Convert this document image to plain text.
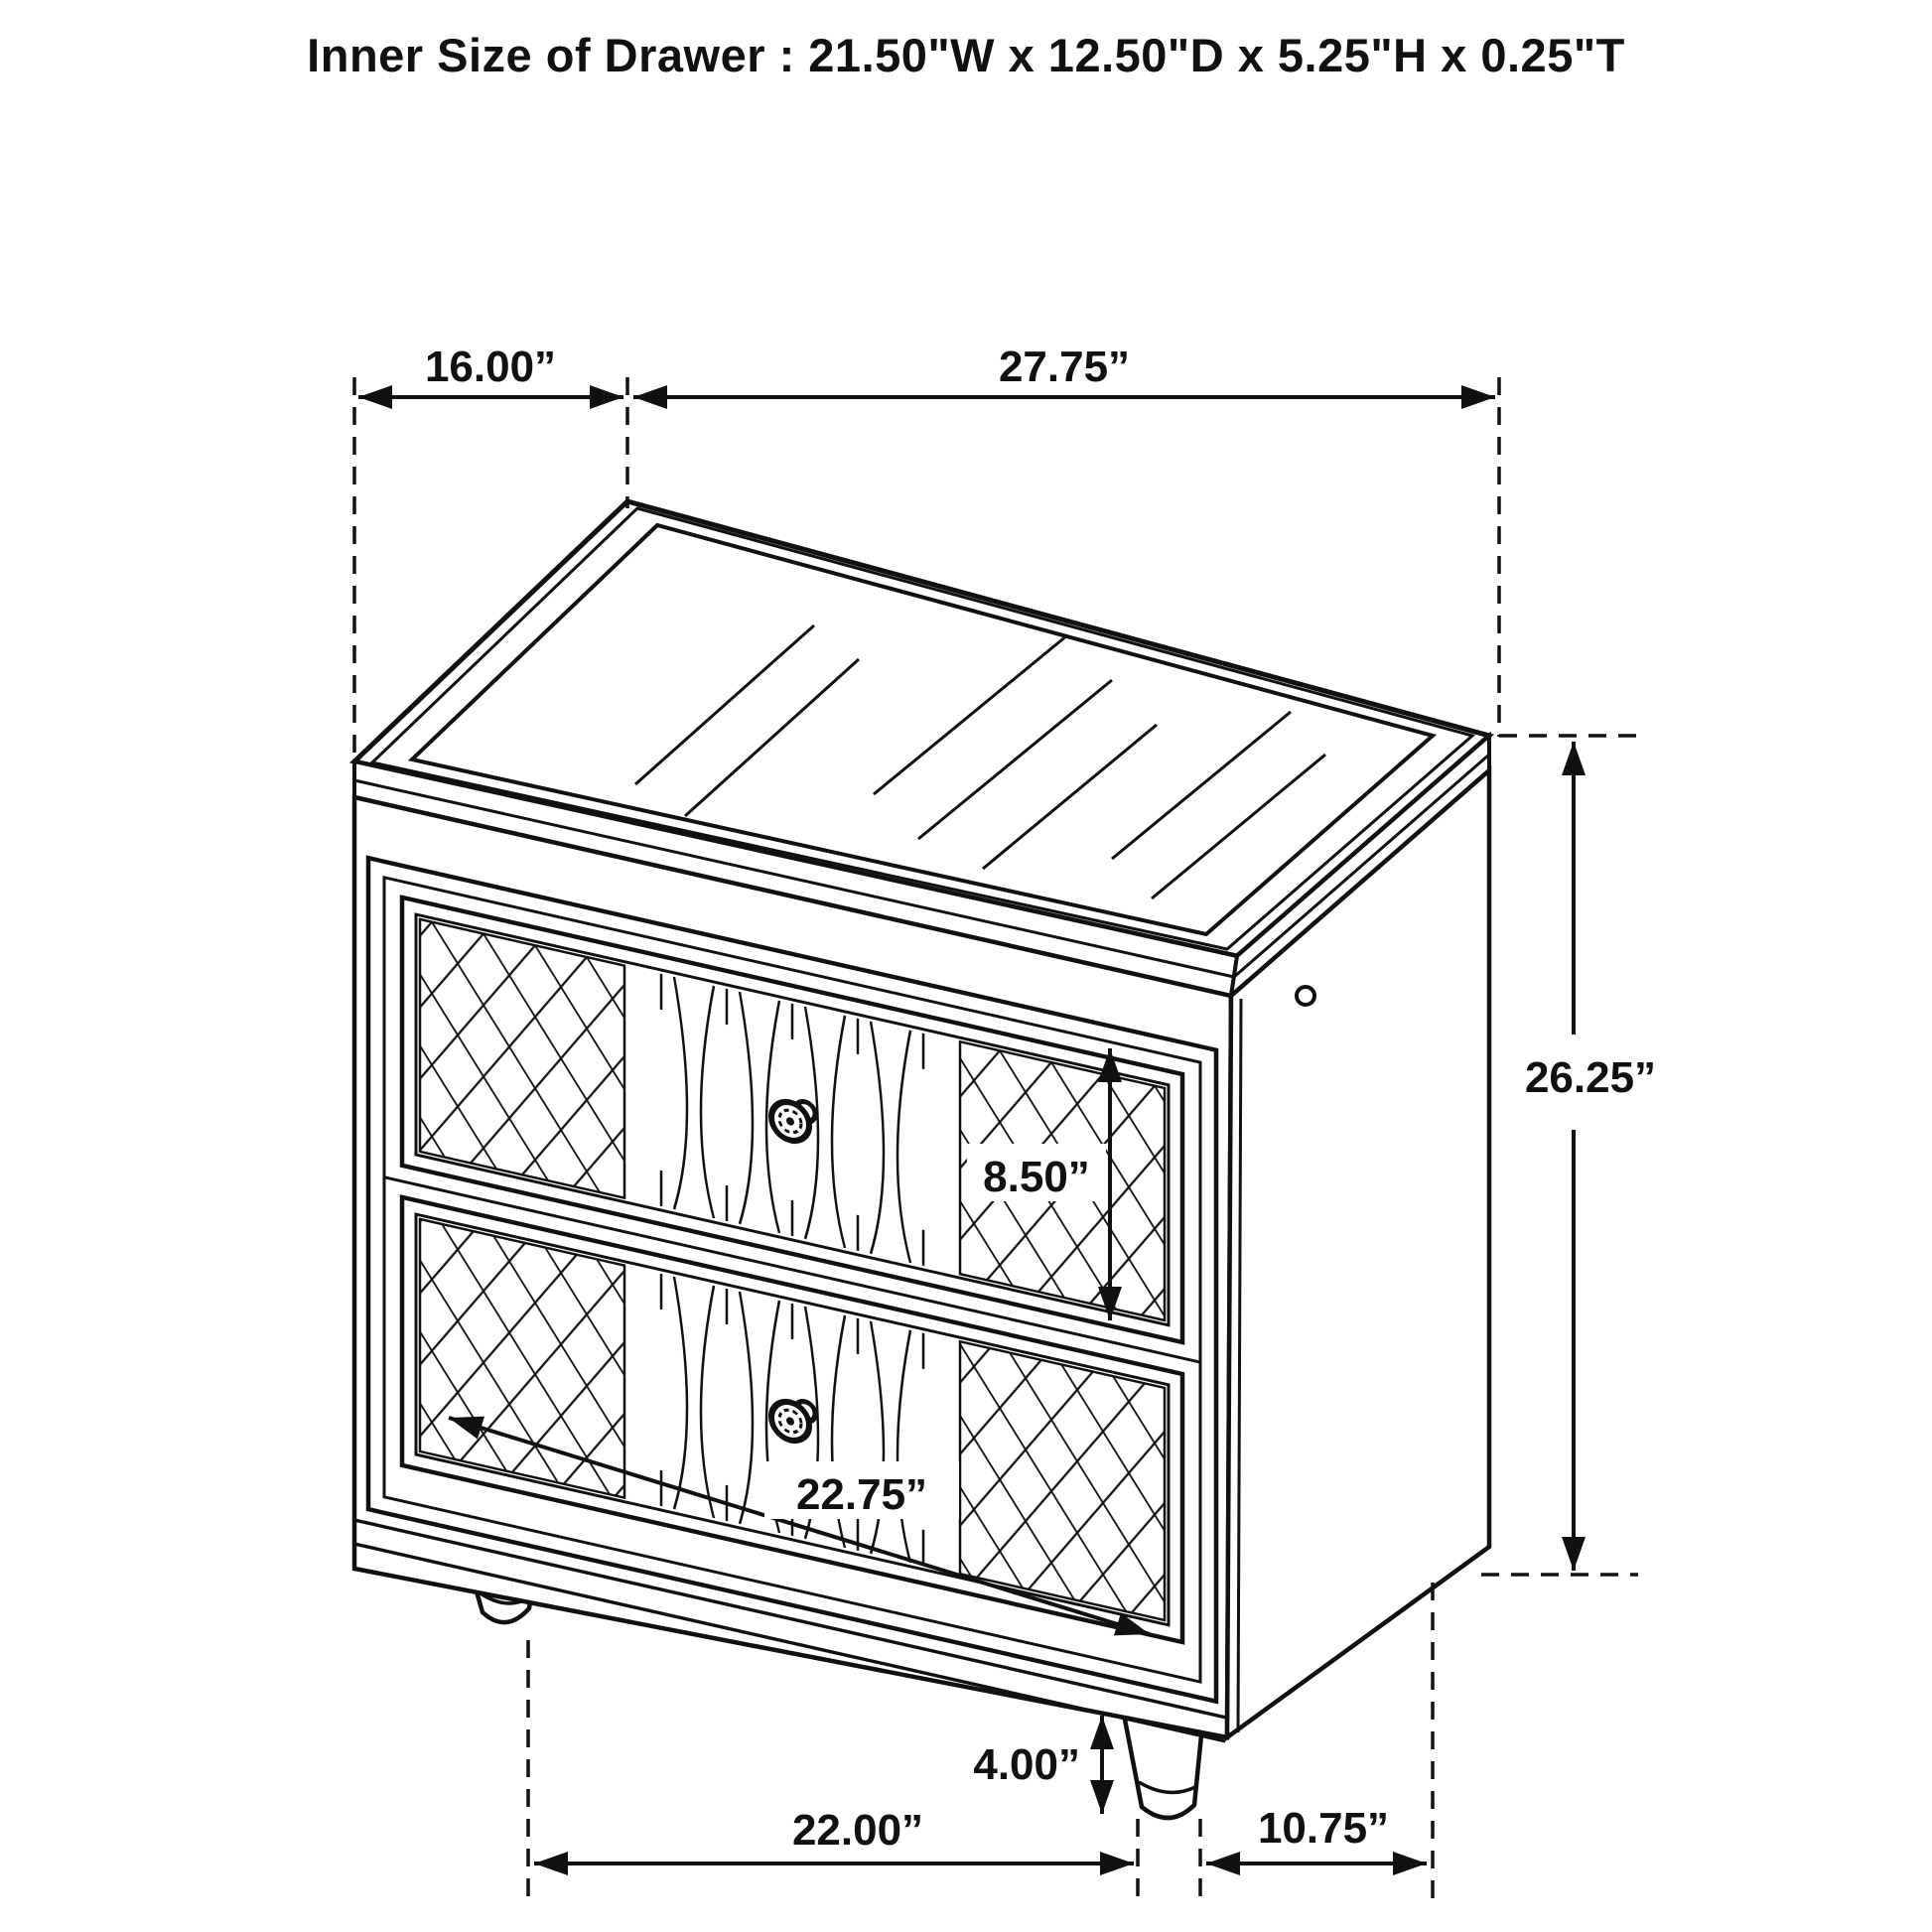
Inner Size of Drawer : 21.50"W x 12.50"D x 5.25"H x 0.25"T
16.00”	27.75”
26.25”
8.50”
22.75”
4.00”
22.00”	10.75”
